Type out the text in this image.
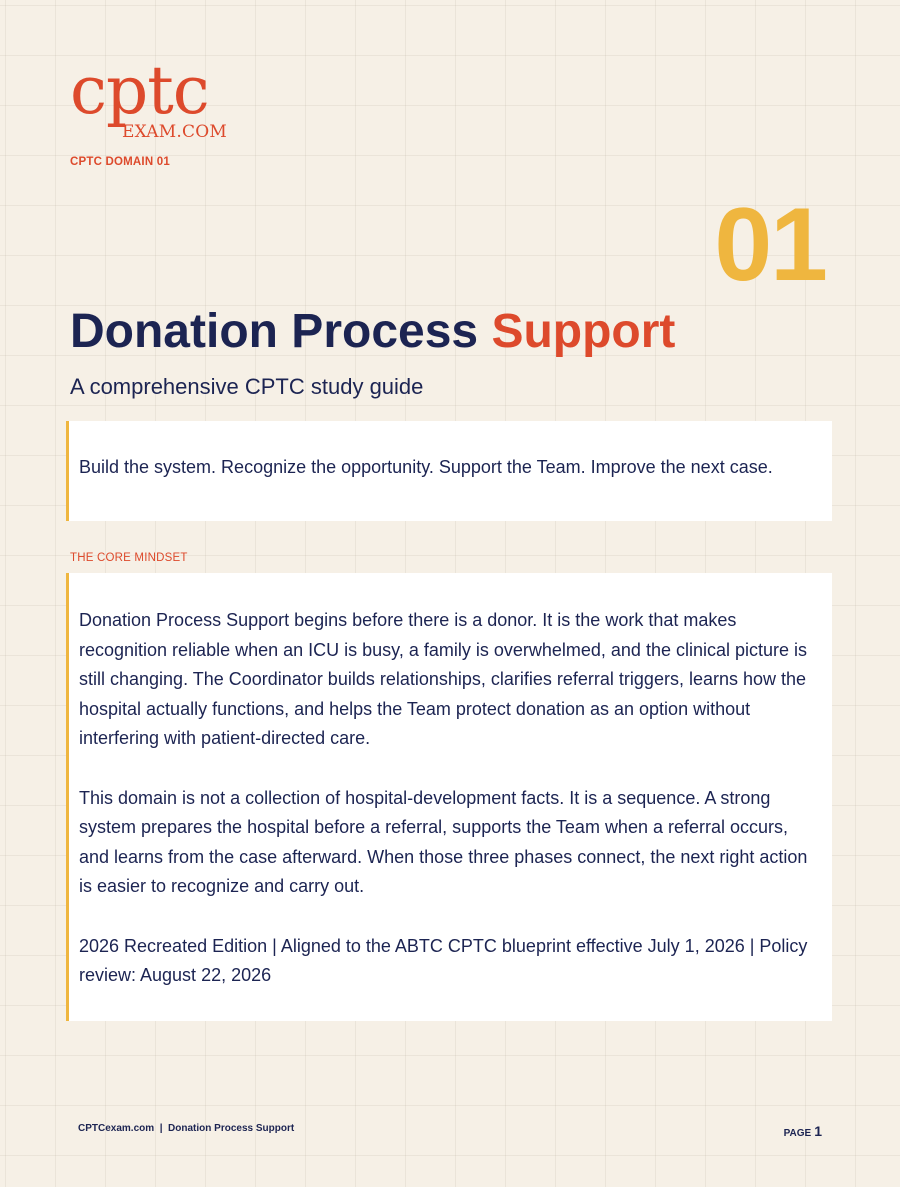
cptc
EXAM.COM
CPTC DOMAIN 01
01
Donation Process Support
A comprehensive CPTC study guide

Build the system. Recognize the opportunity. Support the Team. Improve the next case.

THE CORE MINDSET

Donation Process Support begins before there is a donor. It is the work that makes recognition reliable when an ICU is busy, a family is overwhelmed, and the clinical picture is still changing. The Coordinator builds relationships, clarifies referral triggers, learns how the hospital actually functions, and helps the Team protect donation as an option without interfering with patient-directed care.

This domain is not a collection of hospital-development facts. It is a sequence. A strong system prepares the hospital before a referral, supports the Team when a referral occurs, and learns from the case afterward. When those three phases connect, the next right action is easier to recognize and carry out.

2026 Recreated Edition | Aligned to the ABTC CPTC blueprint effective July 1, 2026 | Policy review: August 22, 2026

CPTCexam.com  |  Donation Process Support	PAGE 1
